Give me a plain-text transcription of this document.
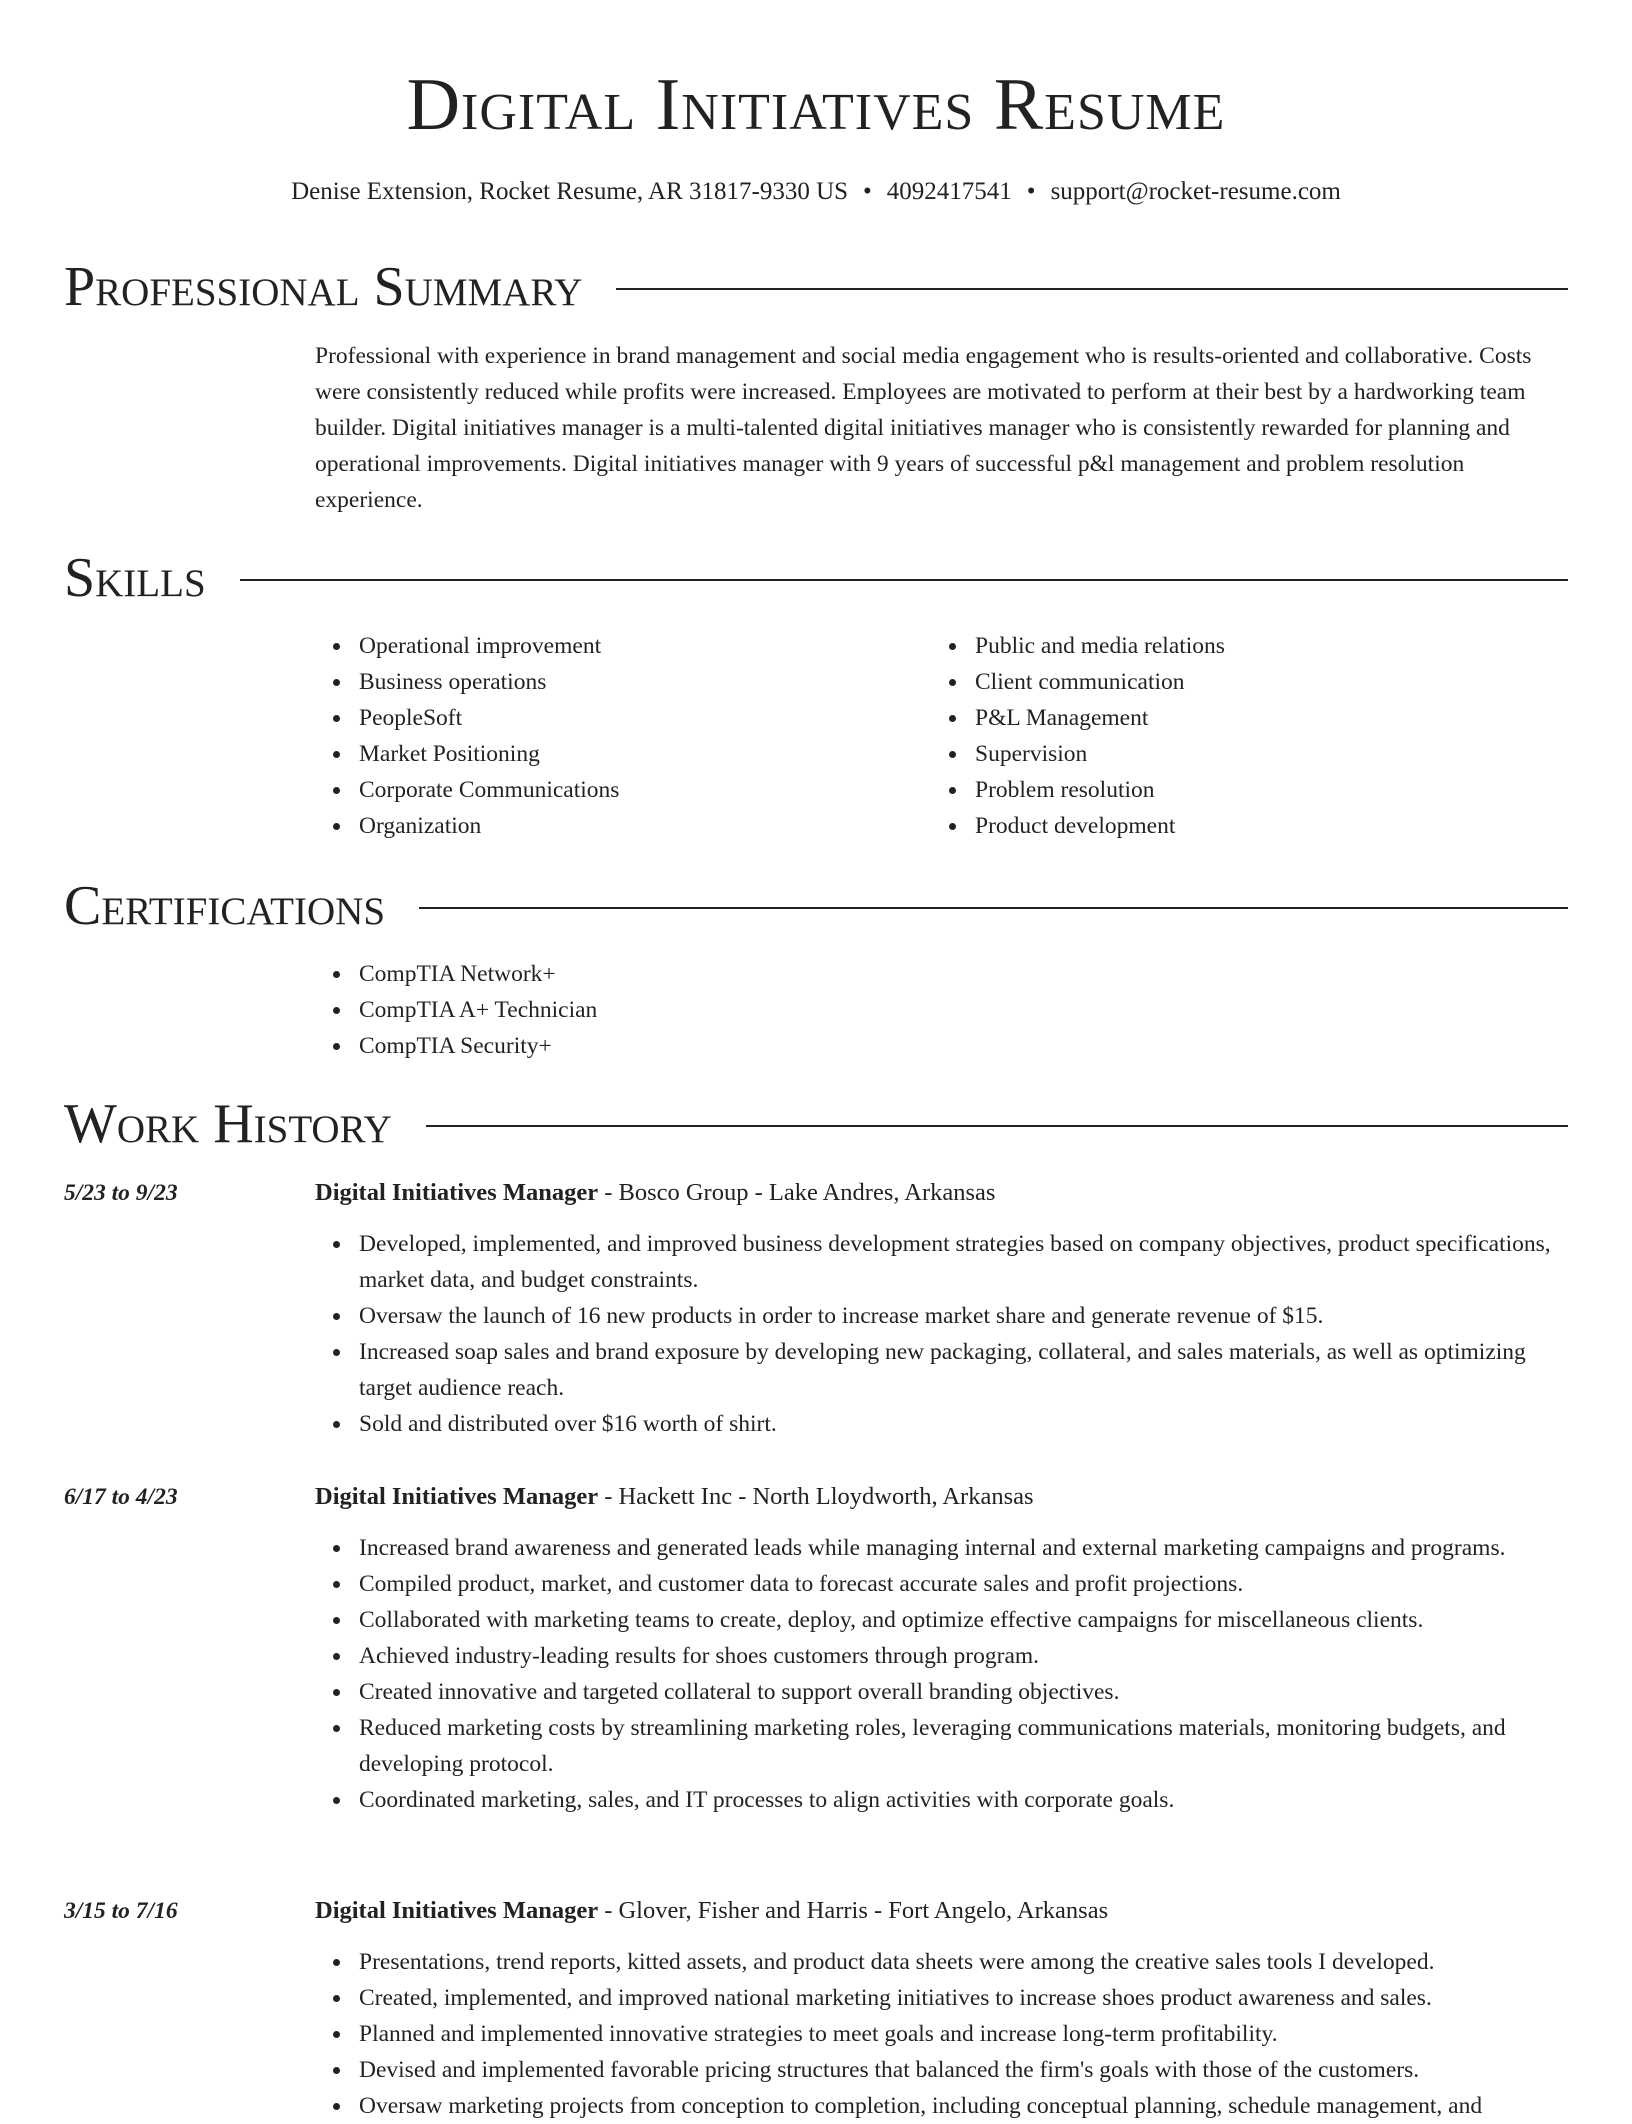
Digital Initiatives Resume
Denise Extension, Rocket Resume, AR 31817-9330 US • 4092417541 • support@rocket-resume.com
Professional Summary

Professional with experience in brand management and social media engagement who is results-oriented and collaborative. Costs were consistently reduced while profits were increased. Employees are motivated to perform at their best by a hardworking team builder. Digital initiatives manager is a multi-talented digital initiatives manager who is consistently rewarded for planning and operational improvements. Digital initiatives manager with 9 years of successful p&l management and problem resolution experience.

Skills
Operational improvement
Business operations
PeopleSoft
Market Positioning
Corporate Communications
Organization
Public and media relations
Client communication
P&L Management
Supervision
Problem resolution
Product development
Certifications
CompTIA Network+
CompTIA A+ Technician
CompTIA Security+
Work History
5/23 to 9/23	Digital Initiatives Manager - Bosco Group - Lake Andres, Arkansas
Developed, implemented, and improved business development strategies based on company objectives, product specifications, market data, and budget constraints.
Oversaw the launch of 16 new products in order to increase market share and generate revenue of $15.
Increased soap sales and brand exposure by developing new packaging, collateral, and sales materials, as well as optimizing target audience reach.
Sold and distributed over $16 worth of shirt.
6/17 to 4/23	Digital Initiatives Manager - Hackett Inc - North Lloydworth, Arkansas
Increased brand awareness and generated leads while managing internal and external marketing campaigns and programs.
Compiled product, market, and customer data to forecast accurate sales and profit projections.
Collaborated with marketing teams to create, deploy, and optimize effective campaigns for miscellaneous clients.
Achieved industry-leading results for shoes customers through program.
Created innovative and targeted collateral to support overall branding objectives.
Reduced marketing costs by streamlining marketing roles, leveraging communications materials, monitoring budgets, and developing protocol.
Coordinated marketing, sales, and IT processes to align activities with corporate goals.
3/15 to 7/16	Digital Initiatives Manager - Glover, Fisher and Harris - Fort Angelo, Arkansas
Presentations, trend reports, kitted assets, and product data sheets were among the creative sales tools I developed.
Created, implemented, and improved national marketing initiatives to increase shoes product awareness and sales.
Planned and implemented innovative strategies to meet goals and increase long-term profitability.
Devised and implemented favorable pricing structures that balanced the firm's goals with those of the customers.
Oversaw marketing projects from conception to completion, including conceptual planning, schedule management, and
